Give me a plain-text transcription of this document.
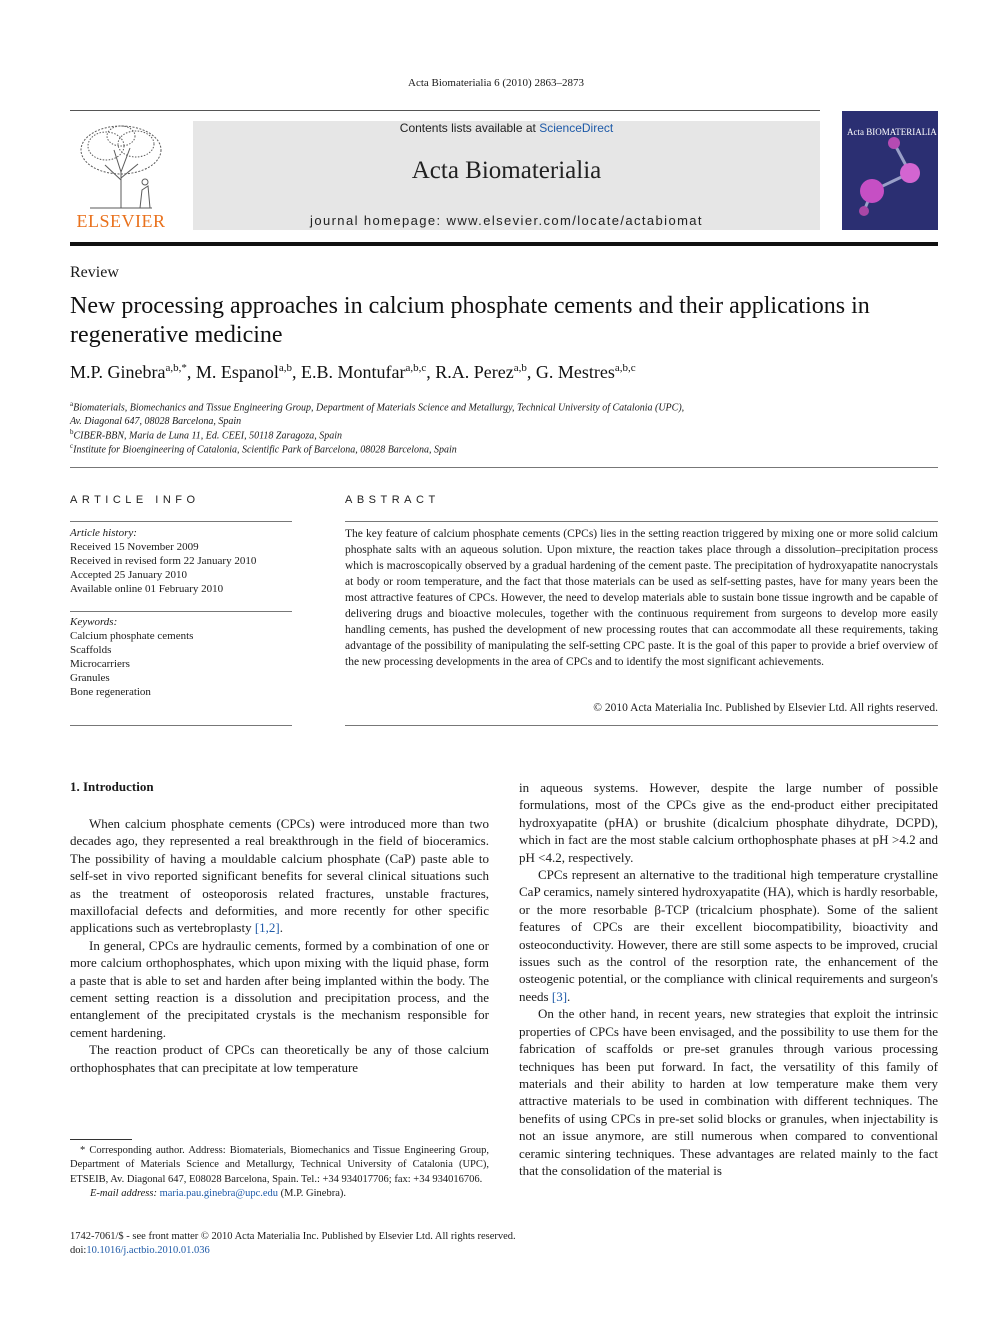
Acta Biomaterialia 6 (2010) 2863–2873
ELSEVIER
Contents lists available at ScienceDirect
Acta Biomaterialia
journal homepage: www.elsevier.com/locate/actabiomat
Acta BIOMATERIALIA
Review
New processing approaches in calcium phosphate cements and their applications in regenerative medicine
M.P. Ginebra$^{a,b,*}$, M. Espanol$^{a,b}$, E.B. Montufar$^{a,b,c}$, R.A. Perez$^{a,b}$, G. Mestres$^{a,b,c}$
$^a$Biomaterials, Biomechanics and Tissue Engineering Group, Department of Materials Science and Metallurgy, Technical University of Catalonia (UPC),
Av. Diagonal 647, 08028 Barcelona, Spain
$^b$CIBER-BBN, Maria de Luna 11, Ed. CEEI, 50118 Zaragoza, Spain
$^c$Institute for Bioengineering of Catalonia, Scientific Park of Barcelona, 08028 Barcelona, Spain
ARTICLE INFO
Article history:
Received 15 November 2009
Received in revised form 22 January 2010
Accepted 25 January 2010
Available online 01 February 2010
Keywords:
Calcium phosphate cements
Scaffolds
Microcarriers
Granules
Bone regeneration
ABSTRACT
The key feature of calcium phosphate cements (CPCs) lies in the setting reaction triggered by mixing one or more solid calcium phosphate salts with an aqueous solution. Upon mixture, the reaction takes place through a dissolution–precipitation process which is macroscopically observed by a gradual hardening of the cement paste. The precipitation of hydroxyapatite nanocrystals at body or room temperature, and the fact that those materials can be used as self-setting pastes, have for many years been the most attractive features of CPCs. However, the need to develop materials able to sustain bone tissue ingrowth and be capable of delivering drugs and bioactive molecules, together with the continuous requirement from surgeons to develop more easily handling cements, has pushed the development of new processing routes that can accommodate all these requirements, taking advantage of the possibility of manipulating the self-setting CPC paste. It is the goal of this paper to provide a brief overview of the new processing developments in the area of CPCs and to identify the most significant achievements.
© 2010 Acta Materialia Inc. Published by Elsevier Ltd. All rights reserved.
1. Introduction

When calcium phosphate cements (CPCs) were introduced more than two decades ago, they represented a real breakthrough in the field of bioceramics. The possibility of having a mouldable calcium phosphate (CaP) paste able to self-set in vivo reported significant benefits for several clinical situations such as the treatment of osteoporosis related fractures, unstable fractures, maxillofacial defects and deformities, and more recently for other specific applications such as vertebroplasty [1,2].

In general, CPCs are hydraulic cements, formed by a combination of one or more calcium orthophosphates, which upon mixing with the liquid phase, form a paste that is able to set and harden after being implanted within the body. The cement setting reaction is a dissolution and precipitation process, and the entanglement of the precipitated crystals is the mechanism responsible for cement hardening.

The reaction product of CPCs can theoretically be any of those calcium orthophosphates that can precipitate at low temperature

in aqueous systems. However, despite the large number of possible formulations, most of the CPCs give as the end-product either precipitated hydroxyapatite (pHA) or brushite (dicalcium phosphate dihydrate, DCPD), which in fact are the most stable calcium orthophosphate phases at pH >4.2 and pH <4.2, respectively.

CPCs represent an alternative to the traditional high temperature crystalline CaP ceramics, namely sintered hydroxyapatite (HA), which is hardly resorbable, or the more resorbable β-TCP (tricalcium phosphate). Some of the salient features of CPCs are their excellent biocompatibility, bioactivity and osteoconductivity. However, there are still some aspects to be improved, crucial issues such as the control of the resorption rate, the enhancement of the osteogenic potential, or the compliance with clinical requirements and surgeon's needs [3].

On the other hand, in recent years, new strategies that exploit the intrinsic properties of CPCs have been envisaged, and the possibility to use them for the fabrication of scaffolds or pre-set granules through various processing techniques has been put forward. In fact, the versatility of this family of materials and their ability to harden at low temperature make them very attractive materials to be used in combination with different techniques. The benefits of using CPCs in pre-set solid blocks or granules, when injectability is not an issue anymore, are still numerous when compared to conventional ceramic sintering techniques. These advantages are related mainly to the fact that the consolidation of the material is

* Corresponding author. Address: Biomaterials, Biomechanics and Tissue Engineering Group, Department of Materials Science and Metallurgy, Technical University of Catalonia (UPC), ETSEIB, Av. Diagonal 647, E08028 Barcelona, Spain. Tel.: +34 934017706; fax: +34 934016706.
E-mail address: maria.pau.ginebra@upc.edu (M.P. Ginebra).
1742-7061/$ - see front matter © 2010 Acta Materialia Inc. Published by Elsevier Ltd. All rights reserved.
doi:10.1016/j.actbio.2010.01.036
